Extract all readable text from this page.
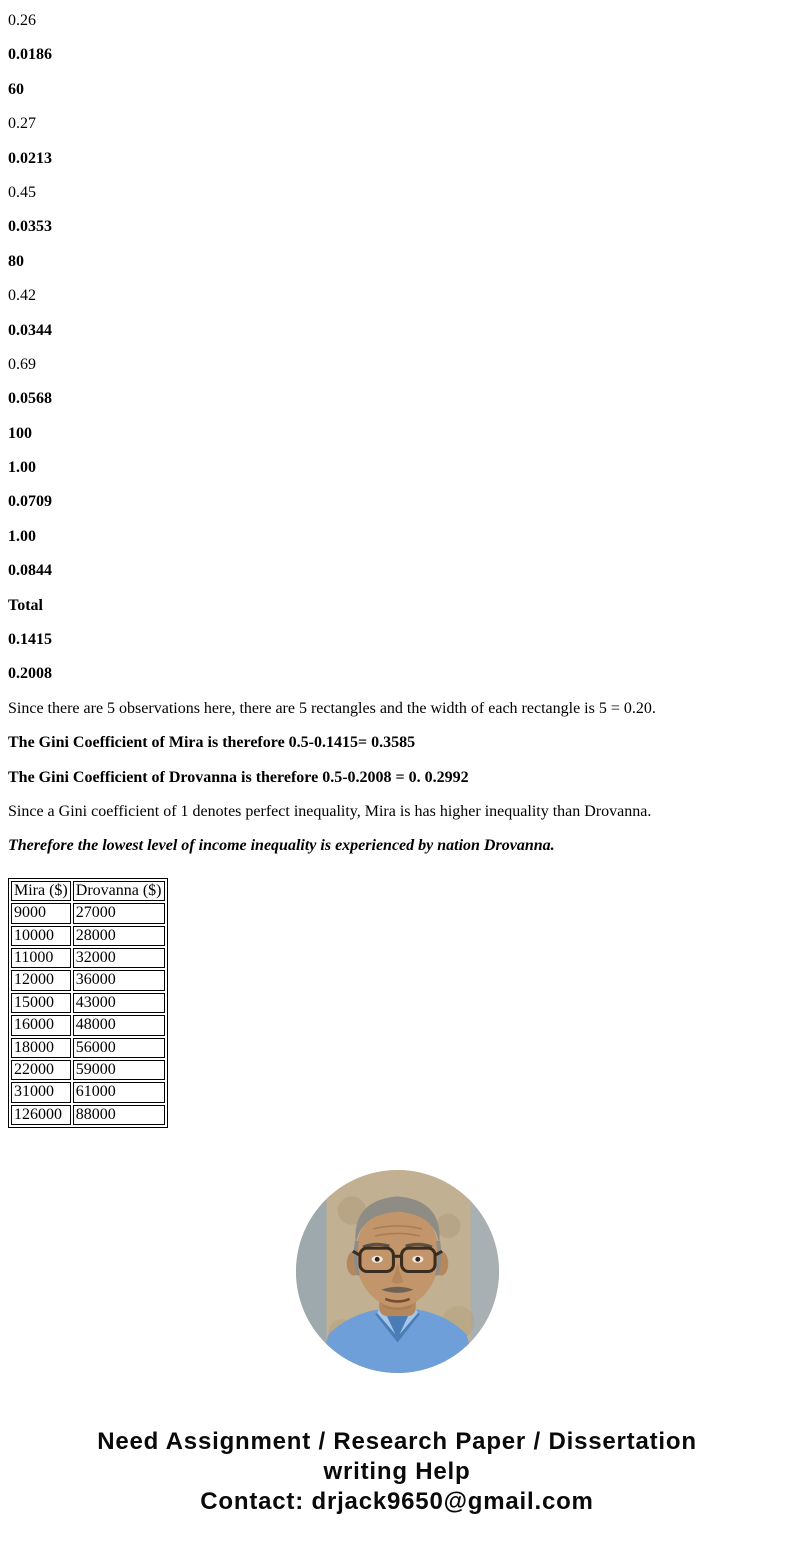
0.26

0.0186

60

0.27

0.0213

0.45

0.0353

80

0.42

0.0344

0.69

0.0568

100

1.00

0.0709

1.00

0.0844

Total

0.1415

0.2008

Since there are 5 observations here, there are 5 rectangles and the width of each rectangle is 5 = 0.20.

The Gini Coefficient of Mira is therefore 0.5-0.1415= 0.3585

The Gini Coefficient of Drovanna is therefore 0.5-0.2008 = 0. 0.2992

Since a Gini coefficient of 1 denotes perfect inequality, Mira is has higher inequality than Drovanna.

Therefore the lowest level of income inequality is experienced by nation Drovanna.

Mira ($)	Drovanna ($)
9000	27000
10000	28000
11000	32000
12000	36000
15000	43000
16000	48000
18000	56000
22000	59000
31000	61000
126000	88000
Need Assignment / Research Paper / Dissertation
writing Help
Contact: drjack9650@gmail.com
